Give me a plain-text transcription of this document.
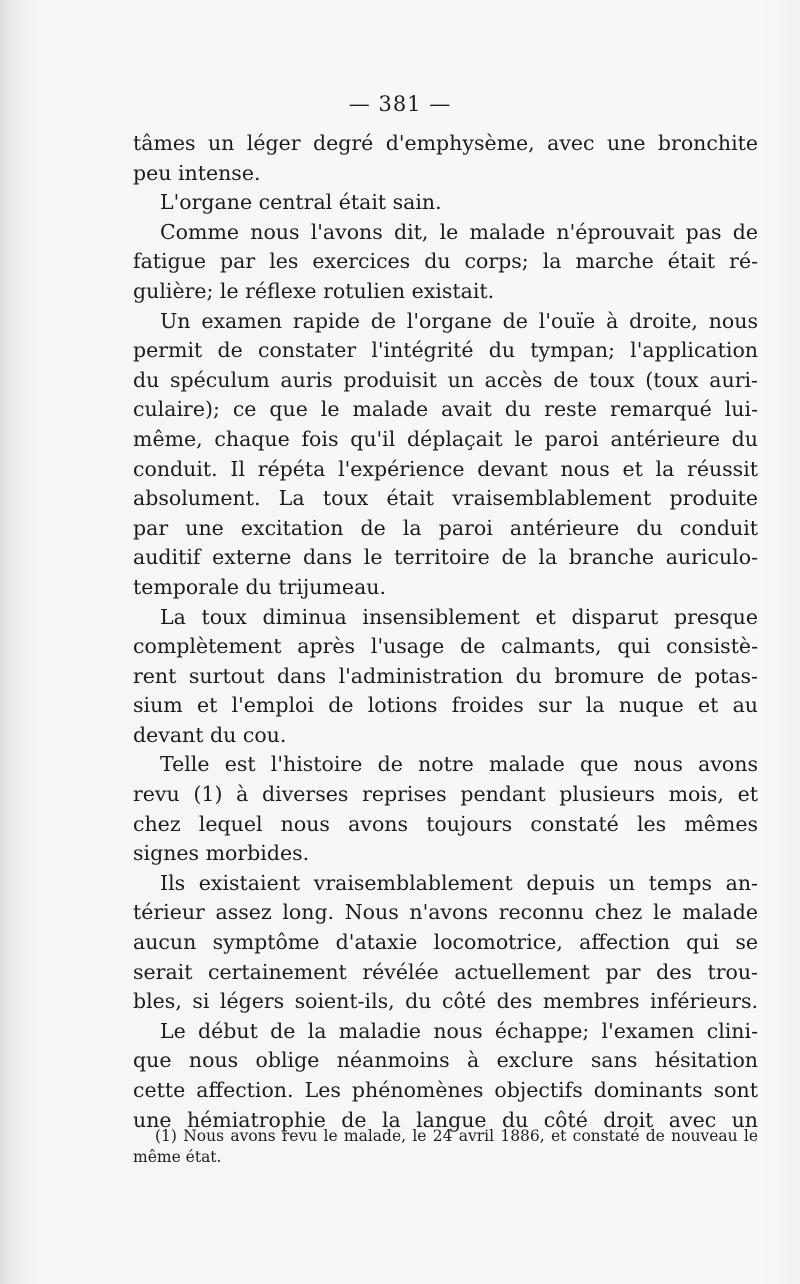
— 381 —
tâmes un léger degré d'emphysème, avec une bronchite
peu intense.
L'organe central était sain.
Comme nous l'avons dit, le malade n'éprouvait pas de
fatigue par les exercices du corps; la marche était ré-
gulière; le réflexe rotulien existait.
Un examen rapide de l'organe de l'ouïe à droite, nous
permit de constater l'intégrité du tympan; l'application
du spéculum auris produisit un accès de toux (toux auri-
culaire); ce que le malade avait du reste remarqué lui-
même, chaque fois qu'il déplaçait le paroi antérieure du
conduit. Il répéta l'expérience devant nous et la réussit
absolument. La toux était vraisemblablement produite
par une excitation de la paroi antérieure du conduit
auditif externe dans le territoire de la branche auriculo-
temporale du trijumeau.
La toux diminua insensiblement et disparut presque
complètement après l'usage de calmants, qui consistè-
rent surtout dans l'administration du bromure de potas-
sium et l'emploi de lotions froides sur la nuque et au
devant du cou.
Telle est l'histoire de notre malade que nous avons
revu (1) à diverses reprises pendant plusieurs mois, et
chez lequel nous avons toujours constaté les mêmes
signes morbides.
Ils existaient vraisemblablement depuis un temps an-
térieur assez long. Nous n'avons reconnu chez le malade
aucun symptôme d'ataxie locomotrice, affection qui se
serait certainement révélée actuellement par des trou-
bles, si légers soient-ils, du côté des membres inférieurs.
Le début de la maladie nous échappe; l'examen clini-
que nous oblige néanmoins à exclure sans hésitation
cette affection. Les phénomènes objectifs dominants sont
une hémiatrophie de la langue du côté droit avec un
(1) Nous avons revu le malade, le 24 avril 1886, et constaté de nouveau le
même état.
